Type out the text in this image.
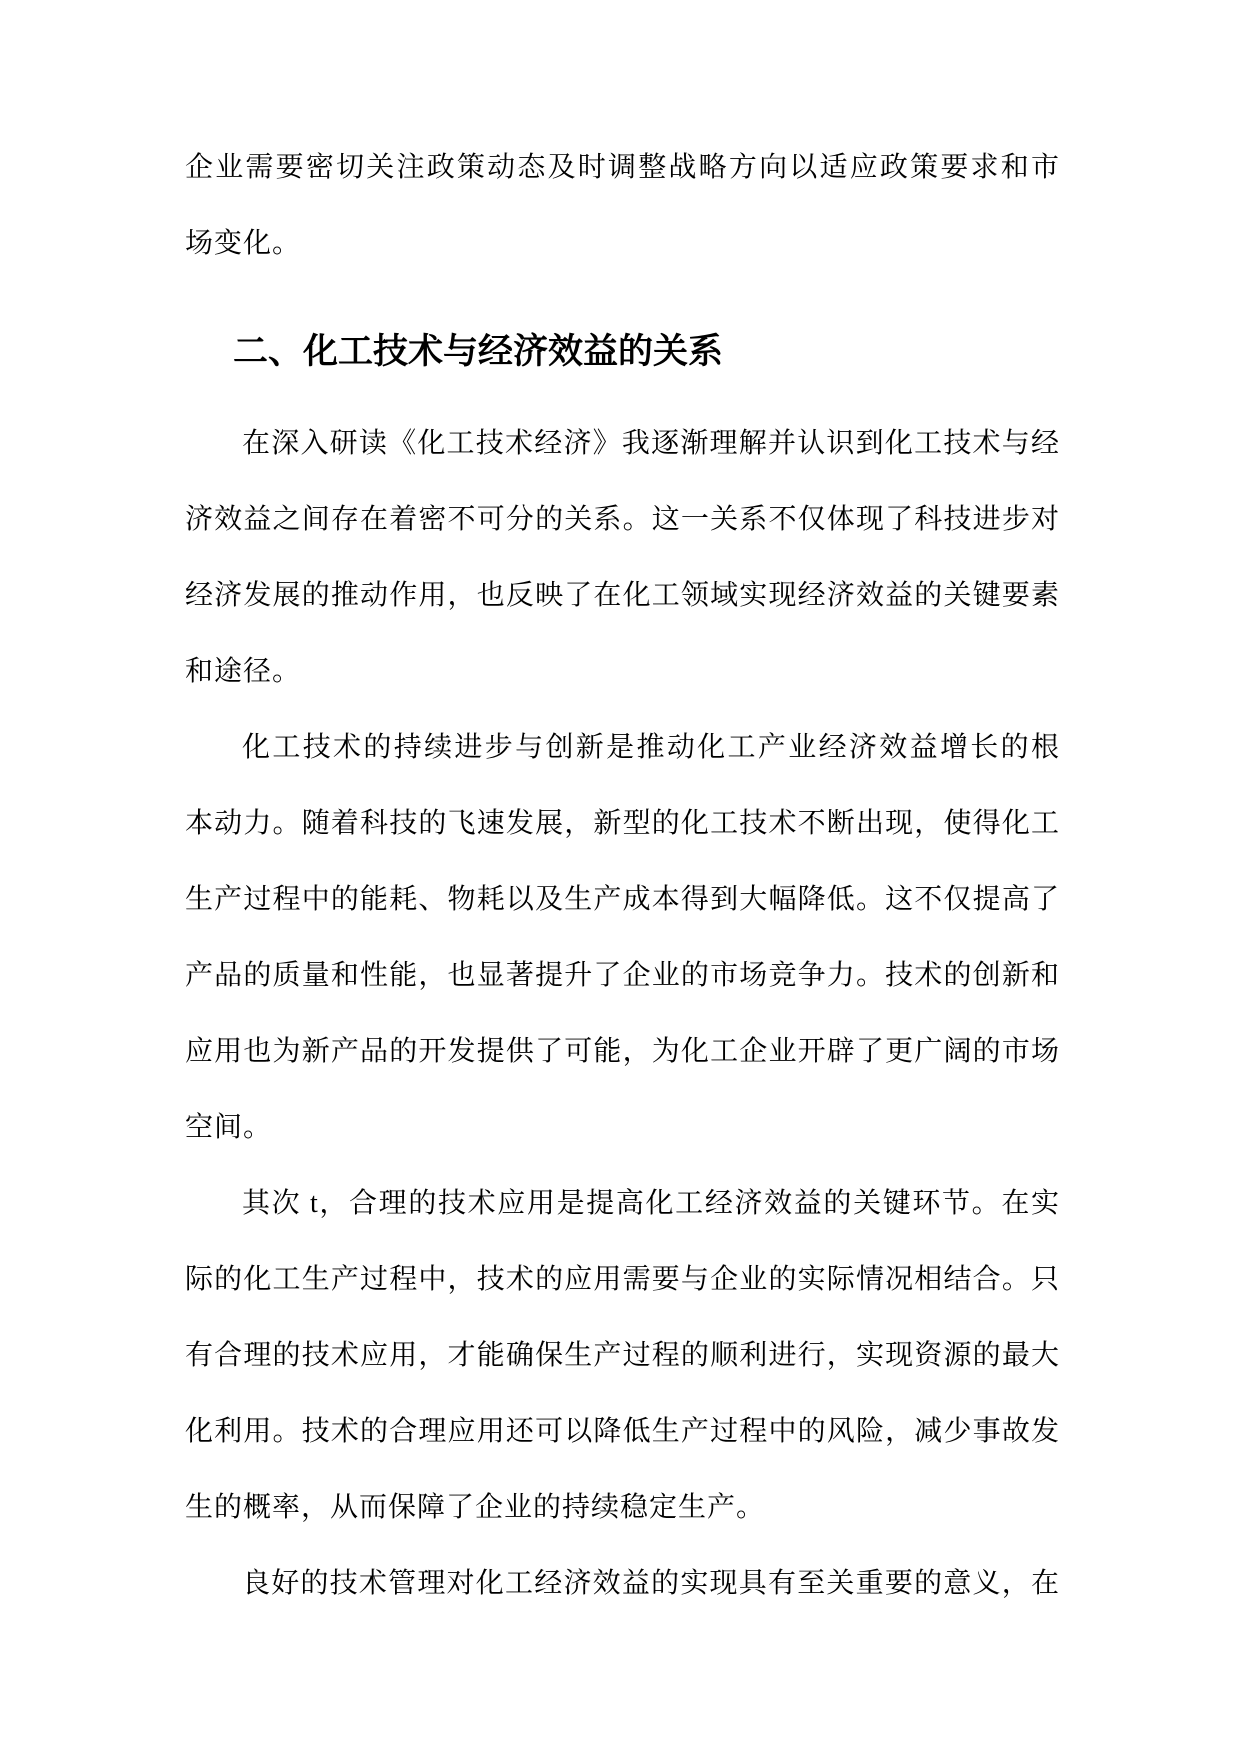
企业需要密切关注政策动态及时调整战略方向以适应政策要求和市
场变化。
二、化工技术与经济效益的关系
在深入研读《化工技术经济》我逐渐理解并认识到化工技术与经
济效益之间存在着密不可分的关系。这一关系不仅体现了科技进步对
经济发展的推动作用，也反映了在化工领域实现经济效益的关键要素
和途径。
化工技术的持续进步与创新是推动化工产业经济效益增长的根
本动力。随着科技的飞速发展，新型的化工技术不断出现，使得化工
生产过程中的能耗、物耗以及生产成本得到大幅降低。这不仅提高了
产品的质量和性能，也显著提升了企业的市场竞争力。技术的创新和
应用也为新产品的开发提供了可能，为化工企业开辟了更广阔的市场
空间。
其次 t，合理的技术应用是提高化工经济效益的关键环节。在实
际的化工生产过程中，技术的应用需要与企业的实际情况相结合。只
有合理的技术应用，才能确保生产过程的顺利进行，实现资源的最大
化利用。技术的合理应用还可以降低生产过程中的风险，减少事故发
生的概率，从而保障了企业的持续稳定生产。
良好的技术管理对化工经济效益的实现具有至关重要的意义，在
